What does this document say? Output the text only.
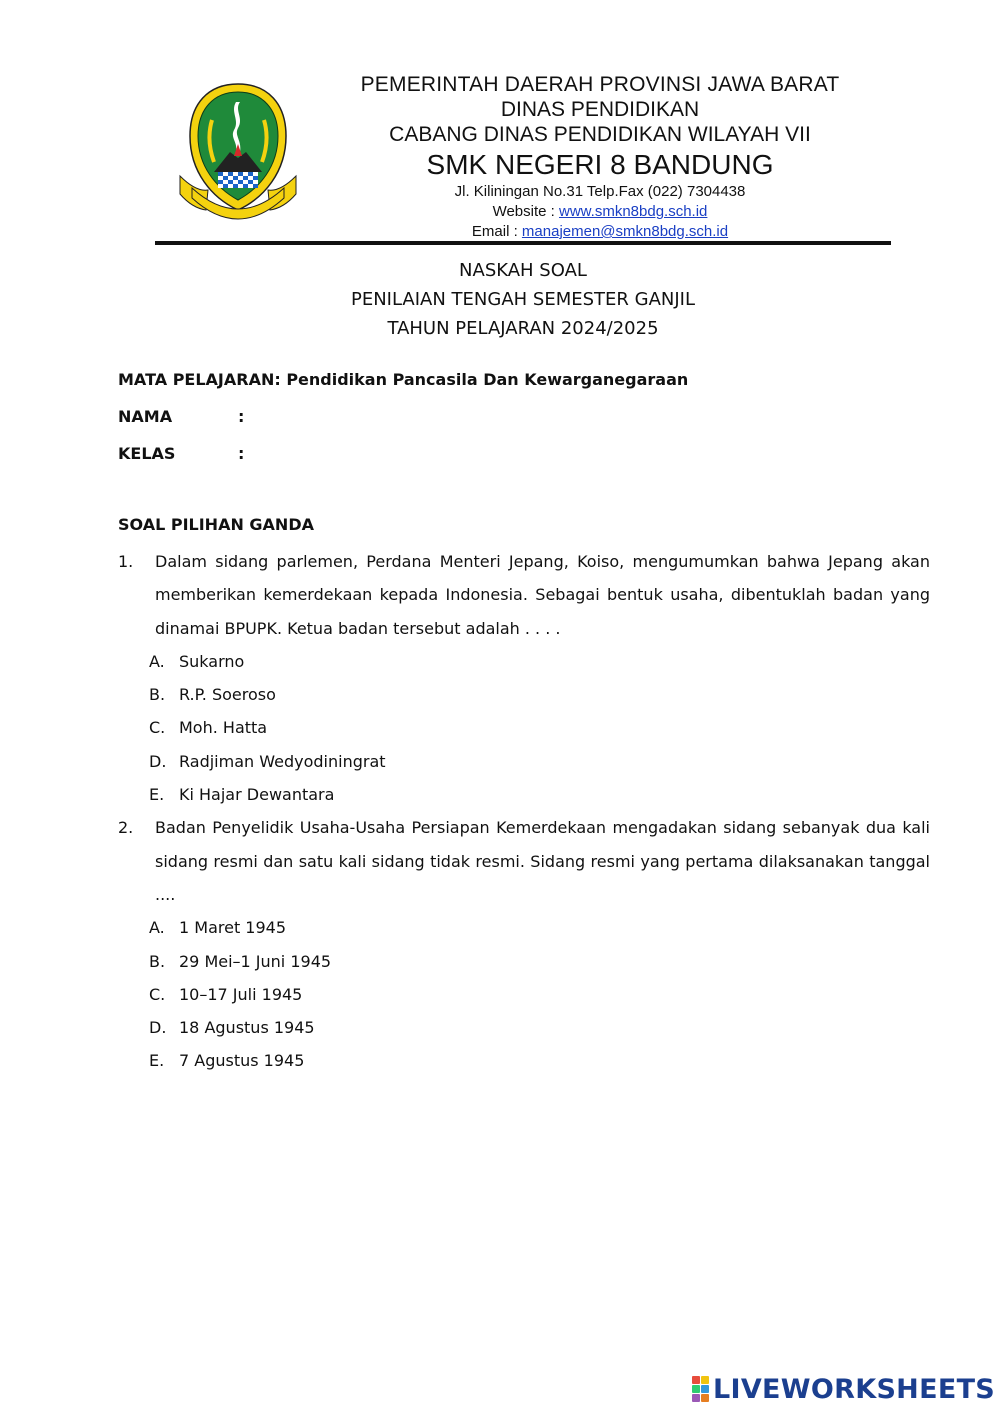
PEMERINTAH DAERAH PROVINSI JAWA BARAT
DINAS PENDIDIKAN
CABANG DINAS PENDIDIKAN WILAYAH VII
SMK NEGERI 8 BANDUNG
Jl. Kiliningan No.31 Telp.Fax (022) 7304438
Website : www.smkn8bdg.sch.id
Email : manajemen@smkn8bdg.sch.id
NASKAH SOAL
PENILAIAN TENGAH SEMESTER GANJIL
TAHUN PELAJARAN 2024/2025
MATA PELAJARAN: Pendidikan Pancasila Dan Kewarganegaraan
NAMA	:
KELAS	:
SOAL PILIHAN GANDA
1. Dalam sidang parlemen, Perdana Menteri Jepang, Koiso, mengumumkan bahwa Jepang akan memberikan kemerdekaan kepada Indonesia. Sebagai bentuk usaha, dibentuklah badan yang dinamai BPUPK. Ketua badan tersebut adalah . . . .
A. Sukarno
B. R.P. Soeroso
C. Moh. Hatta
D. Radjiman Wedyodiningrat
E. Ki Hajar Dewantara
2. Badan Penyelidik Usaha-Usaha Persiapan Kemerdekaan mengadakan sidang sebanyak dua kali sidang resmi dan satu kali sidang tidak resmi. Sidang resmi yang pertama dilaksanakan tanggal ....
A. 1 Maret 1945
B. 29 Mei–1 Juni 1945
C. 10–17 Juli 1945
D. 18 Agustus 1945
E. 7 Agustus 1945
LIVEWORKSHEETS
